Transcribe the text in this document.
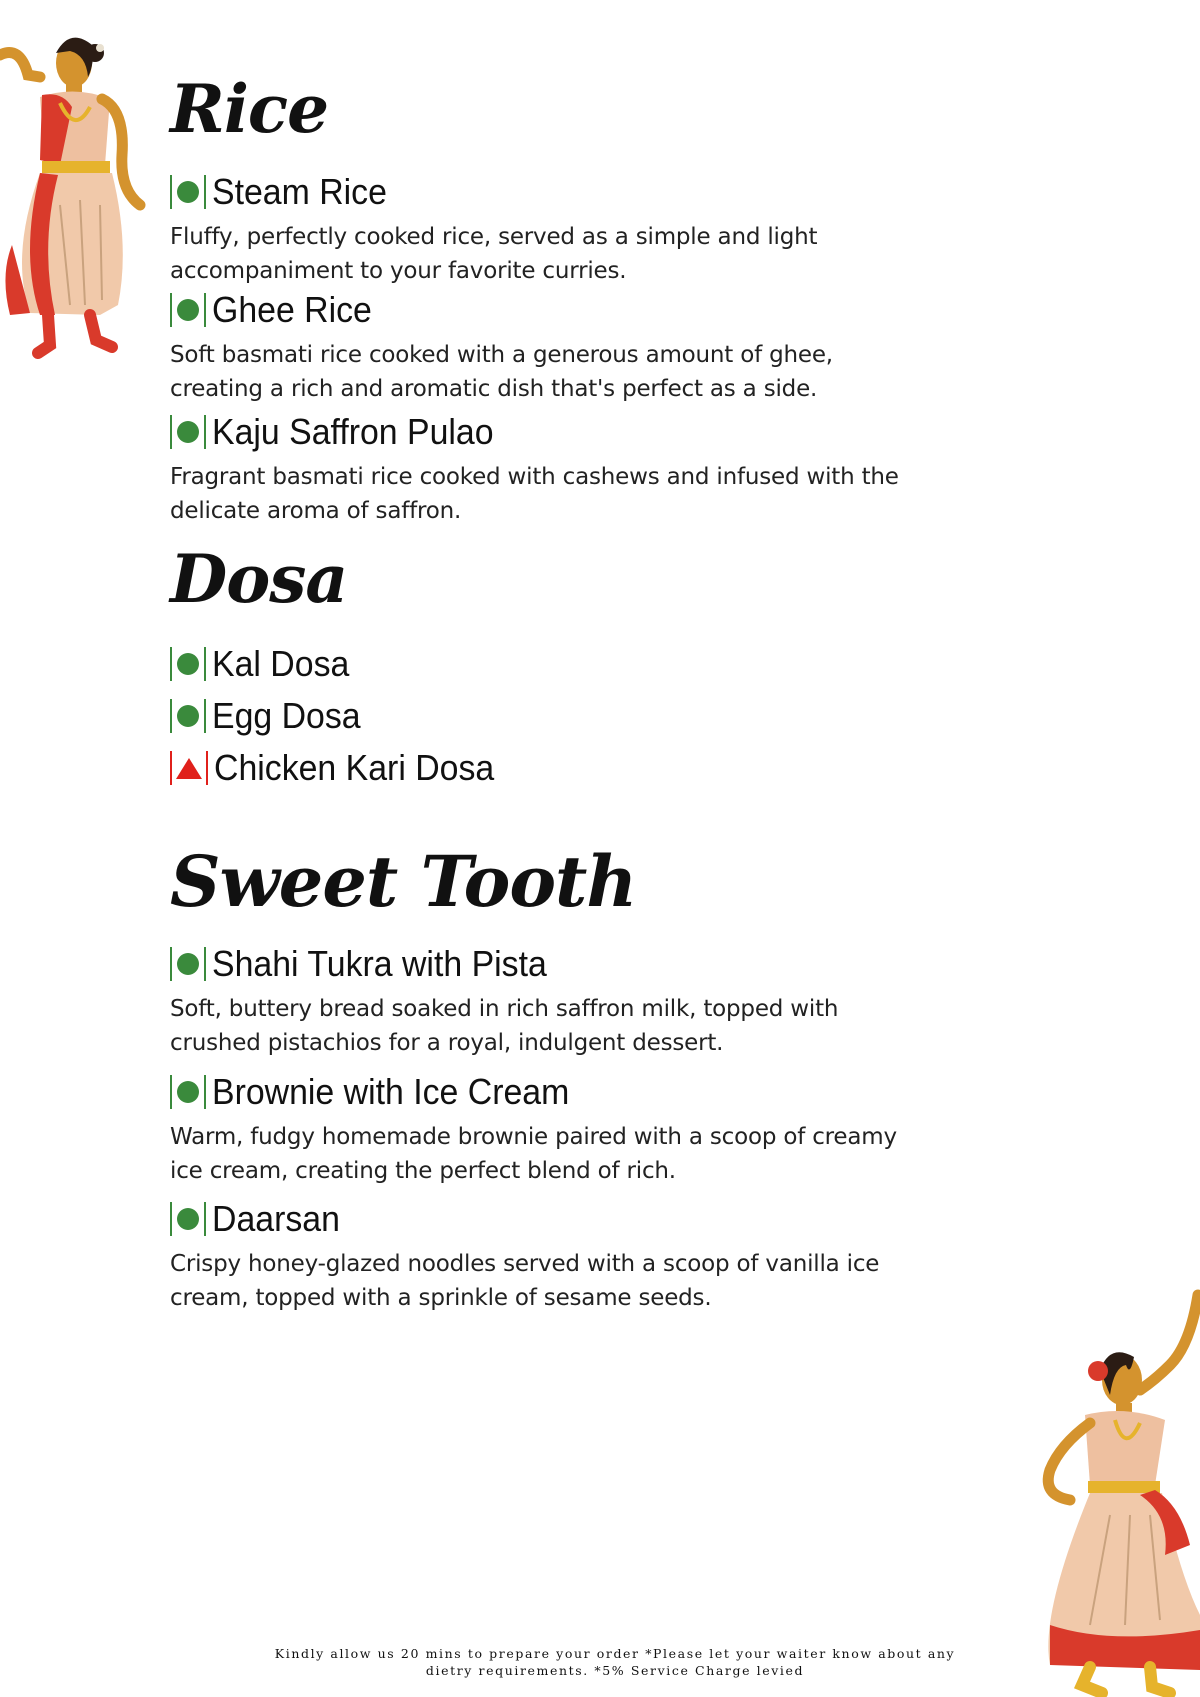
Rice
Steam Rice

Fluffy, perfectly cooked rice, served as a simple and light accompaniment to your favorite curries.

Ghee Rice

Soft basmati rice cooked with a generous amount of ghee, creating a rich and aromatic dish that's perfect as a side.

Kaju Saffron Pulao

Fragrant basmati rice cooked with cashews and infused with the delicate aroma of saffron.

Dosa
Kal Dosa
Egg Dosa
Chicken Kari Dosa
Sweet Tooth
Shahi Tukra with Pista

Soft, buttery bread soaked in rich saffron milk, topped with crushed pistachios for a royal, indulgent dessert.

Brownie with Ice Cream

Warm, fudgy homemade brownie paired with a scoop of creamy ice cream, creating the perfect blend of rich.

Daarsan

Crispy honey-glazed noodles served with a scoop of vanilla ice cream, topped with a sprinkle of sesame seeds.

Kindly allow us 20 mins to prepare your order *Please let your waiter know about any
dietry requirements. *5% Service Charge levied
